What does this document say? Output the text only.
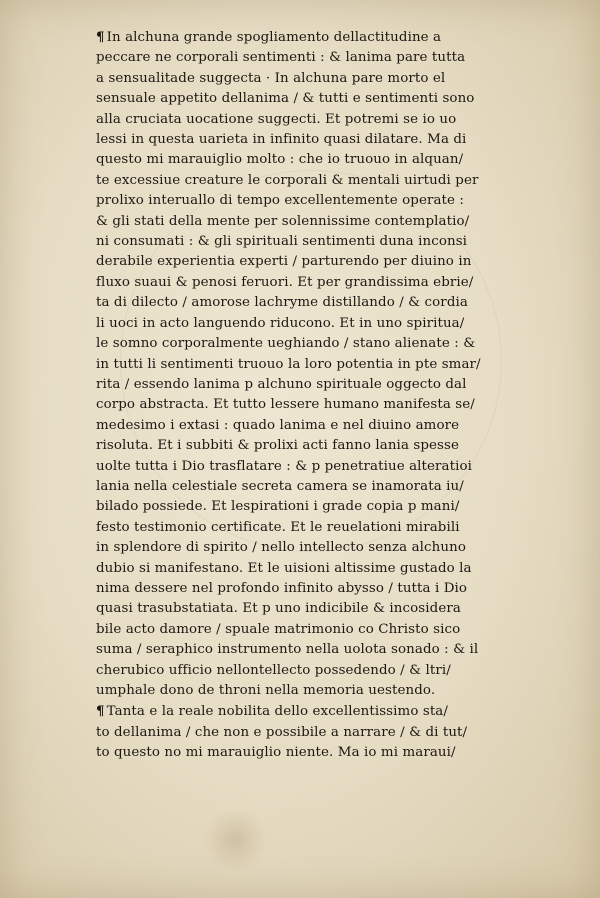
¶ In alchuna grande spogliamento dellactitudine a
peccare ne corporali sentimenti : & lanima pare tutta
a sensualitade suggecta · In alchuna pare morto el
sensuale appetito dellanima / & tutti e sentimenti sono
alla cruciata uocatione suggecti. Et potremi se io uo
lessi in questa uarieta in infinito quasi dilatare. Ma di
questo mi marauiglio molto : che io truouo in alquan/
te excessiue creature le corporali & mentali uirtudi per
prolixo interuallo di tempo excellentemente operate :
& gli stati della mente per solennissime contemplatio/
ni consumati : & gli spirituali sentimenti duna inconsi
derabile experientia experti / parturendo per diuino in
fluxo suaui & penosi feruori. Et per grandissima ebrie/
ta di dilecto / amorose lachryme distillando / & cordia
li uoci in acto languendo riducono. Et in uno spiritua/
le somno corporalmente ueghiando / stano alienate : &
in tutti li sentimenti truouo la loro potentia in pte smar/
rita / essendo lanima p alchuno spirituale oggecto dal
corpo abstracta. Et tutto lessere humano manifesta se/
medesimo i extasi : quado lanima e nel diuino amore
risoluta. Et i subbiti & prolixi acti fanno lania spesse
uolte tutta i Dio trasflatare : & p penetratiue alteratioi
lania nella celestiale secreta camera se inamorata iu/
bilado possiede. Et lespirationi i grade copia p mani/
festo testimonio certificate. Et le reuelationi mirabili
in splendore di spirito / nello intellecto senza alchuno
dubio si manifestano. Et le uisioni altissime gustado la
nima dessere nel profondo infinito abysso / tutta i Dio
quasi trasubstatiata. Et p uno indicibile & incosidera
bile acto damore / spuale matrimonio co Christo sico
suma / seraphico instrumento nella uolota sonado : & il
cherubico ufficio nellontellecto possedendo / & ltri/
umphale dono de throni nella memoria uestendo.
¶ Tanta e la reale nobilita dello excellentissimo sta/
to dellanima / che non e possibile a narrare / & di tut/
to questo no mi marauiglio niente. Ma io mi maraui/
